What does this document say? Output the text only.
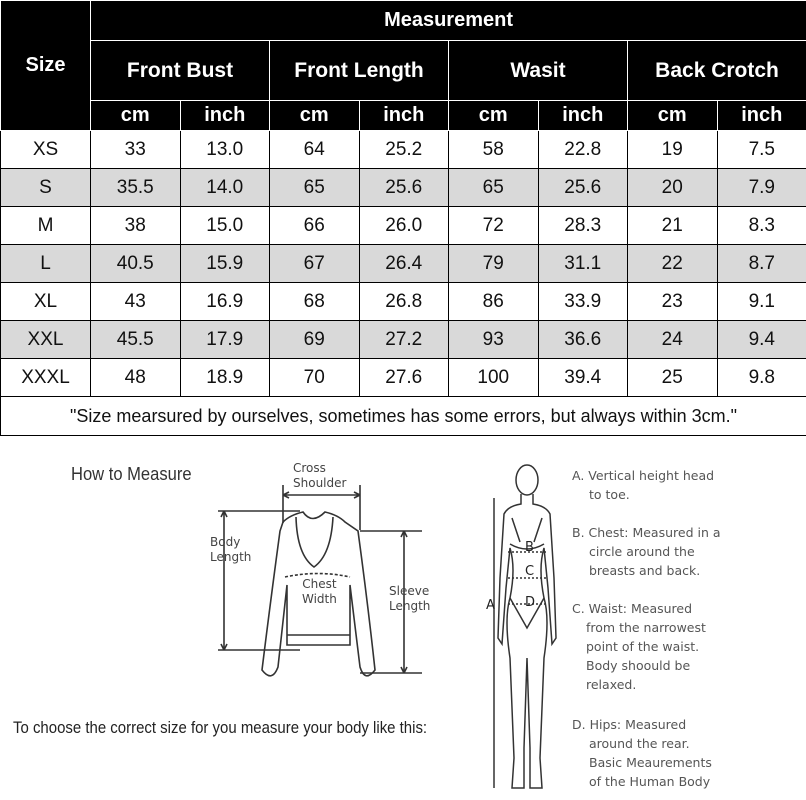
Size	Measurement							
	Front Bust		Front Length		Wasit		Back Crotch	
	cm	inch	cm	inch	cm	inch	cm	inch
XS	33	13.0	64	25.2	58	22.8	19	7.5
S	35.5	14.0	65	25.6	65	25.6	20	7.9
M	38	15.0	66	26.0	72	28.3	21	8.3
L	40.5	15.9	67	26.4	79	31.1	22	8.7
XL	43	16.9	68	26.8	86	33.9	23	9.1
XXL	45.5	17.9	69	27.2	93	36.6	24	9.4
XXXL	48	18.9	70	27.6	100	39.4	25	9.8
"Size mearsured by ourselves, sometimes has some errors, but always within 3cm."								
How to Measure	Cross
Shoulder
Body
Length
Chest
Width
Sleeve
Length
To choose the correct size for you measure your body like this:
A
B
C
D
A. Vertical height head
to toe.
B. Chest: Measured in a
circle around the
breasts and back.
C. Waist: Measured
from the narrowest
point of the waist.
Body shoould be
relaxed.
D. Hips: Measured
around the rear.
Basic Meaurements
of the Human Body
